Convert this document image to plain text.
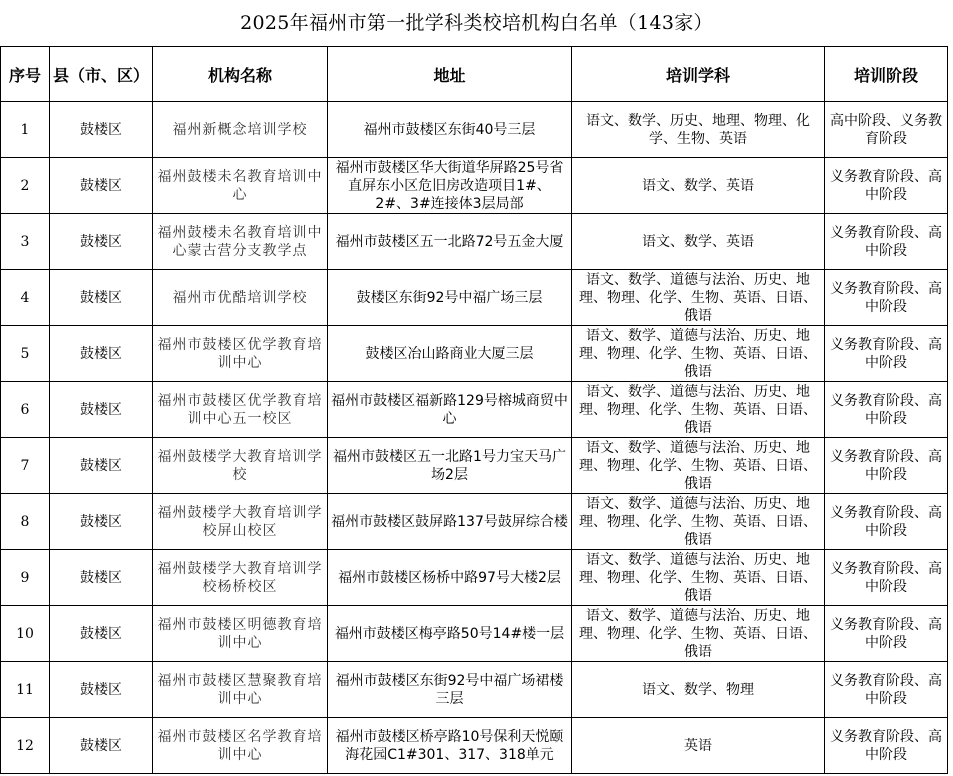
2025年福州市第一批学科类校培机构白名单（143家）
序号	县（市、区）	机构名称	地址	培训学科	培训阶段
1	鼓楼区	福州新概念培训学校	福州市鼓楼区东街40号三层	语文、数学、历史、地理、物理、化学、生物、英语	高中阶段、义务教育阶段
2	鼓楼区	福州鼓楼未名教育培训中心	福州市鼓楼区华大街道华屏路25号省直屏东小区危旧房改造项目1#、2#、3#连接体3层局部	语文、数学、英语	义务教育阶段、高中阶段
3	鼓楼区	福州鼓楼未名教育培训中心蒙古营分支教学点	福州市鼓楼区五一北路72号五金大厦	语文、数学、英语	义务教育阶段、高中阶段
4	鼓楼区	福州市优酷培训学校	鼓楼区东街92号中福广场三层	语文、数学、道德与法治、历史、地理、物理、化学、生物、英语、日语、俄语	义务教育阶段、高中阶段
5	鼓楼区	福州市鼓楼区优学教育培训中心	鼓楼区冶山路商业大厦三层	语文、数学、道德与法治、历史、地理、物理、化学、生物、英语、日语、俄语	义务教育阶段、高中阶段
6	鼓楼区	福州市鼓楼区优学教育培训中心五一校区	福州市鼓楼区福新路129号榕城商贸中心	语文、数学、道德与法治、历史、地理、物理、化学、生物、英语、日语、俄语	义务教育阶段、高中阶段
7	鼓楼区	福州鼓楼学大教育培训学校	福州市鼓楼区五一北路1号力宝天马广场2层	语文、数学、道德与法治、历史、地理、物理、化学、生物、英语、日语、俄语	义务教育阶段、高中阶段
8	鼓楼区	福州鼓楼学大教育培训学校屏山校区	福州市鼓楼区鼓屏路137号鼓屏综合楼	语文、数学、道德与法治、历史、地理、物理、化学、生物、英语、日语、俄语	义务教育阶段、高中阶段
9	鼓楼区	福州鼓楼学大教育培训学校杨桥校区	福州市鼓楼区杨桥中路97号大楼2层	语文、数学、道德与法治、历史、地理、物理、化学、生物、英语、日语、俄语	义务教育阶段、高中阶段
10	鼓楼区	福州市鼓楼区明德教育培训中心	福州市鼓楼区梅亭路50号14#楼一层	语文、数学、道德与法治、历史、地理、物理、化学、生物、英语、日语、俄语	义务教育阶段、高中阶段
11	鼓楼区	福州市鼓楼区慧聚教育培训中心	福州市鼓楼区东街92号中福广场裙楼三层	语文、数学、物理	义务教育阶段、高中阶段
12	鼓楼区	福州市鼓楼区名学教育培训中心	福州市鼓楼区桥亭路10号保利天悦颐海花园C1#301、317、318单元	英语	义务教育阶段、高中阶段
